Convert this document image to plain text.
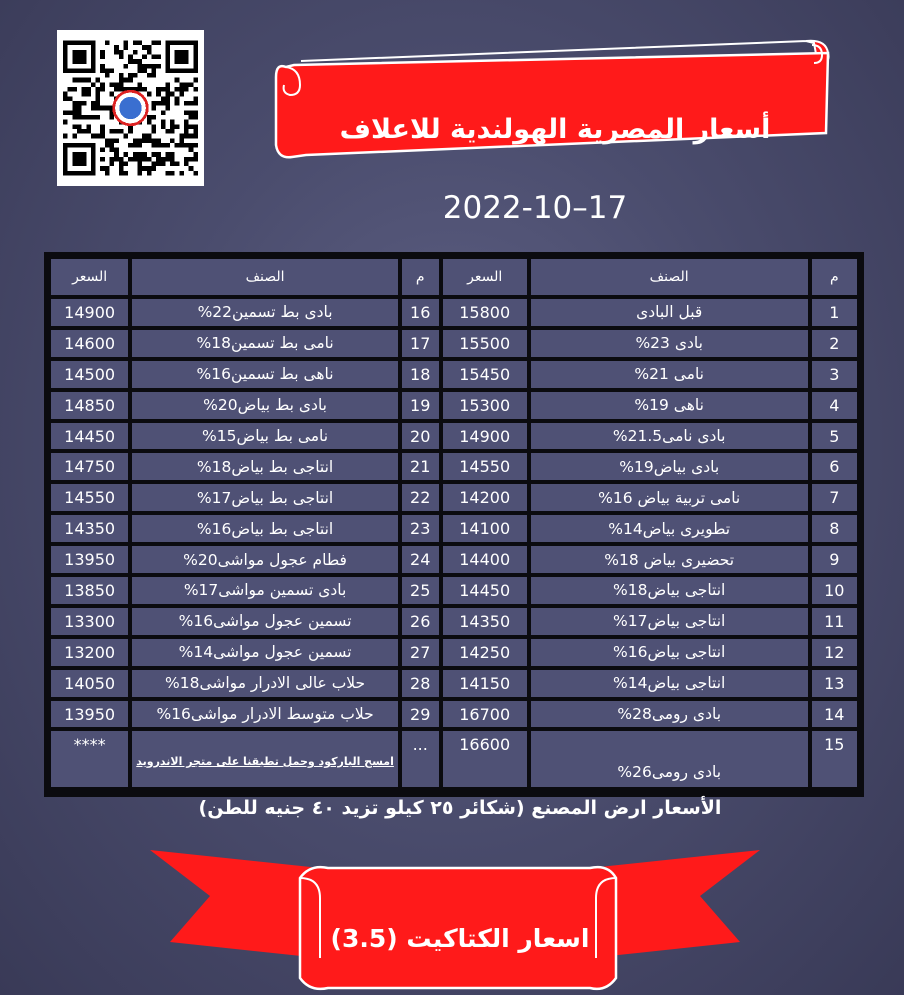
أسعار المصرية الهولندية للاعلاف
2022-10–17
م	الصنف	السعر	م	الصنف	السعر
1	قبل البادى	15800	16	بادى بط تسمين22%	14900
2	بادى 23%	15500	17	نامى بط تسمين18%	14600
3	نامى 21%	15450	18	ناهى بط تسمين16%	14500
4	ناهى 19%	15300	19	بادى بط بياض20%	14850
5	بادى نامى21.5%	14900	20	نامى بط بياض15%	14450
6	بادى بياض19%	14550	21	انتاجى بط بياض18%	14750
7	نامى تربية بياض 16%	14200	22	انتاجى بط بياض17%	14550
8	تطويرى بياض14%	14100	23	انتاجى بط بياض16%	14350
9	تحضيرى بياض 18%	14400	24	فطام عجول مواشى20%	13950
10	انتاجى بياض18%	14450	25	بادى تسمين مواشى17%	13850
11	انتاجى بياض17%	14350	26	تسمين عجول مواشى16%	13300
12	انتاجى بياض16%	14250	27	تسمين عجول مواشى14%	13200
13	انتاجى بياض14%	14150	28	حلاب عالى الادرار مواشى18%	14050
14	بادى رومى28%	16700	29	حلاب متوسط الادرار مواشى16%	13950
15	بادى رومى26%	16600	...	امسح الباركود وحمل تطبقنا على متجر الاندرويد	****
الأسعار ارض المصنع (شكائر ٢٥ كيلو تزيد ٤٠ جنيه للطن)
اسعار الكتاكيت (3.5)
